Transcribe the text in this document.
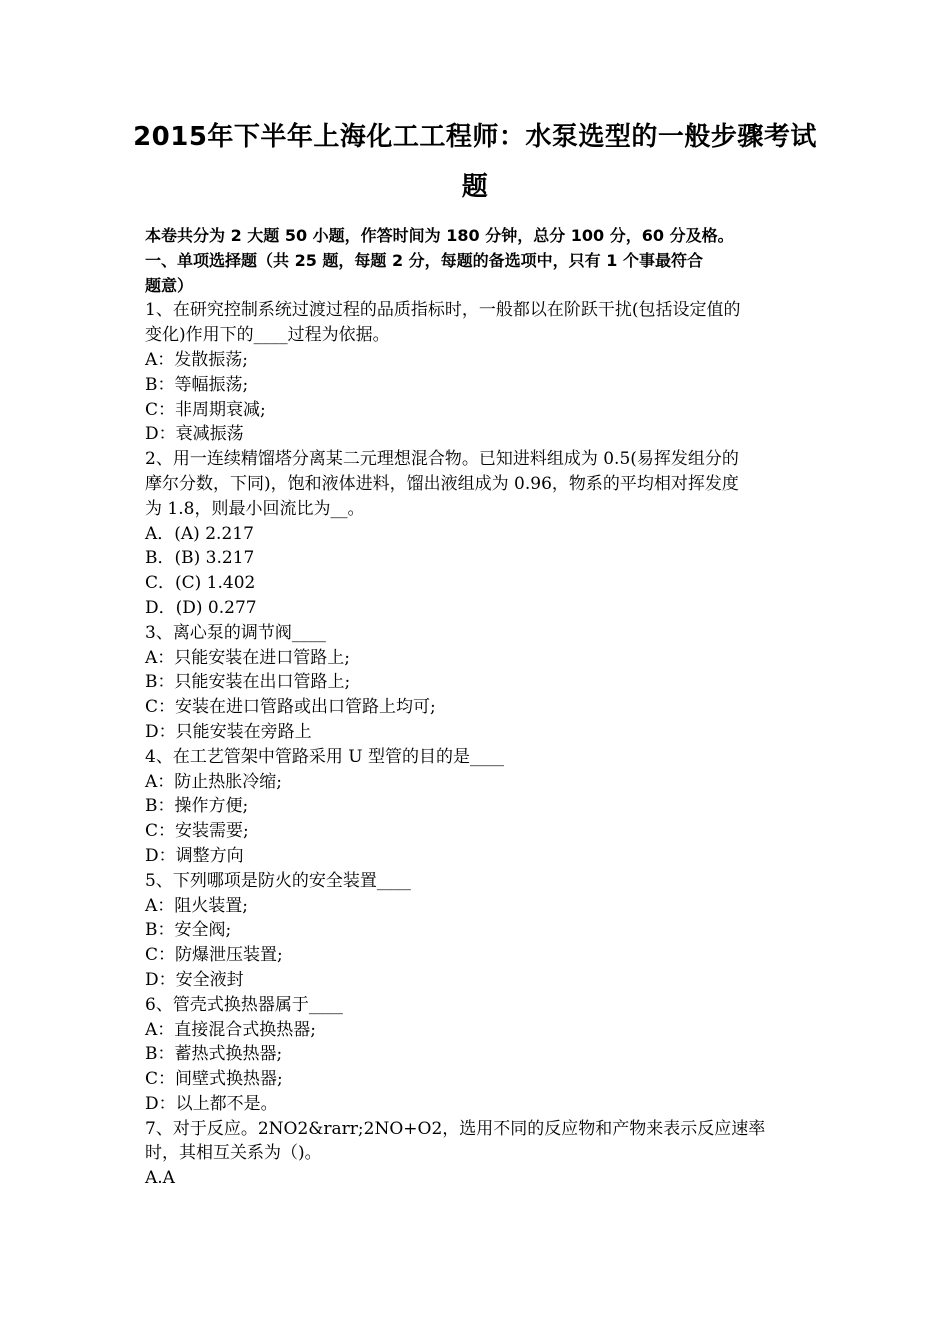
2015年下半年上海化工工程师：水泵选型的一般步骤考试
题
本卷共分为 2 大题 50 小题，作答时间为 180 分钟，总分 100 分，60 分及格。
一、单项选择题（共 25 题，每题 2 分，每题的备选项中，只有 1 个事最符合
题意）
1、在研究控制系统过渡过程的品质指标时，一般都以在阶跃干扰(包括设定值的
变化)作用下的____过程为依据。
A：发散振荡;
B：等幅振荡;
C：非周期衰减;
D：衰减振荡
2、用一连续精馏塔分离某二元理想混合物。已知进料组成为 0.5(易挥发组分的
摩尔分数，下同)，饱和液体进料，馏出液组成为 0.96，物系的平均相对挥发度
为 1.8，则最小回流比为__。
A．(A) 2.217
B．(B) 3.217
C．(C) 1.402
D．(D) 0.277
3、离心泵的调节阀____
A：只能安装在进口管路上;
B：只能安装在出口管路上;
C：安装在进口管路或出口管路上均可;
D：只能安装在旁路上
4、在工艺管架中管路采用 U 型管的目的是____
A：防止热胀冷缩;
B：操作方便;
C：安装需要;
D：调整方向
5、下列哪项是防火的安全装置____
A：阻火装置;
B：安全阀;
C：防爆泄压装置;
D：安全液封
6、管壳式换热器属于____
A：直接混合式换热器;
B：蓄热式换热器;
C：间壁式换热器;
D：以上都不是。
7、对于反应。2NO2&rarr;2NO+O2，选用不同的反应物和产物来表示反应速率
时，其相互关系为（)。
A.A
